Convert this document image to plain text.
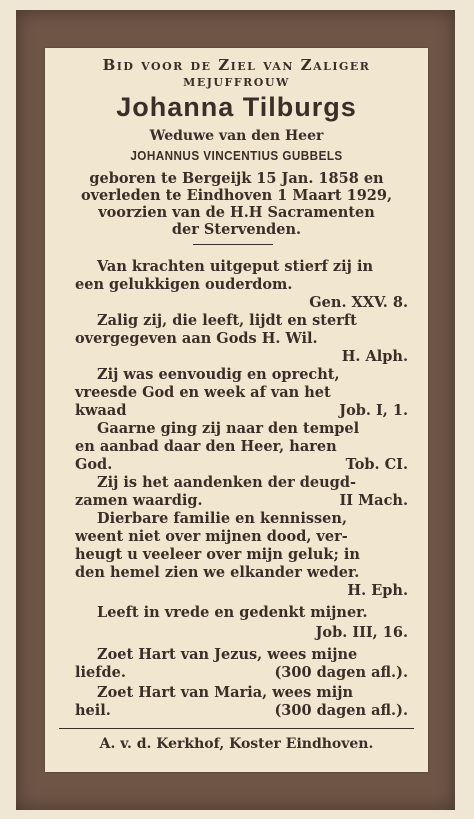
Bid voor de Ziel van Zaliger
MEJUFFROUW
Johanna Tilburgs
Weduwe van den Heer
JOHANNUS VINCENTIUS GUBBELS
geboren te Bergeijk 15 Jan. 1858 en
overleden te Eindhoven 1 Maart 1929,
voorzien van de H.H Sacramenten
der Stervenden.
Van krachten uitgeput stierf zij in
een gelukkigen ouderdom.
Gen. XXV. 8.
Zalig zij, die leeft, lijdt en sterft
overgegeven aan Gods H. Wil.
H. Alph.
Zij was eenvoudig en oprecht,
vreesde God en week af van het
kwaad	Job. I, 1.
Gaarne ging zij naar den tempel
en aanbad daar den Heer, haren
God.	Tob. CI.
Zij is het aandenken der deugd-
zamen waardig.	II Mach.
Dierbare familie en kennissen,
weent niet over mijnen dood, ver-
heugt u veeleer over mijn geluk; in
den hemel zien we elkander weder.
H. Eph.
Leeft in vrede en gedenkt mijner.
Job. III, 16.
Zoet Hart van Jezus, wees mijne
liefde.	(300 dagen afl.).
Zoet Hart van Maria, wees mijn
heil.	(300 dagen afl.).
A. v. d. Kerkhof, Koster Eindhoven.
